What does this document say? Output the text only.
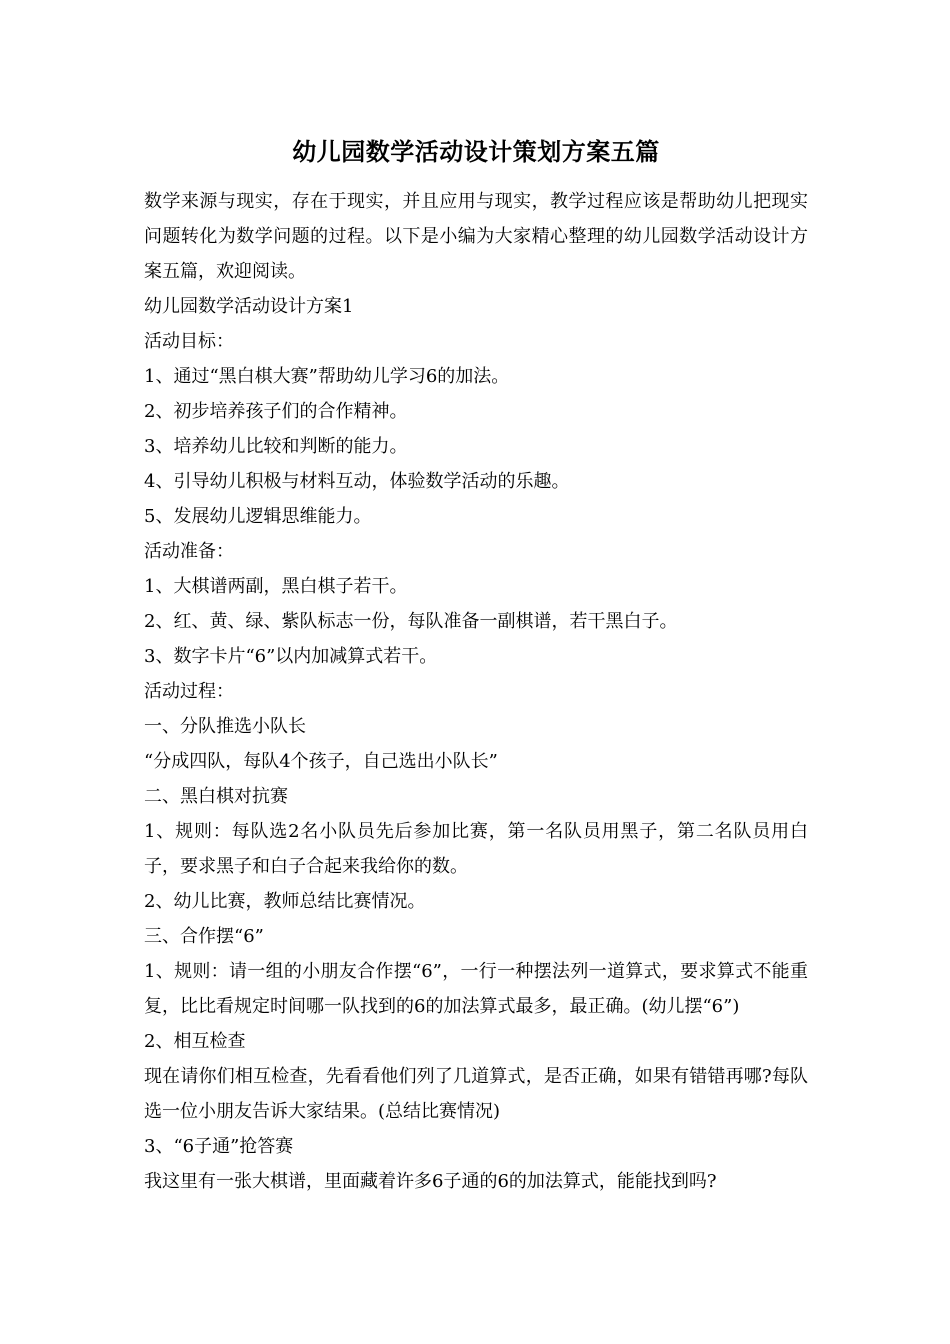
幼儿园数学活动设计策划方案五篇

数学来源与现实，存在于现实，并且应用与现实，教学过程应该是帮助幼儿把现实问题转化为数学问题的过程。以下是小编为大家精心整理的幼儿园数学活动设计方案五篇，欢迎阅读。

幼儿园数学活动设计方案1
活动目标：
1、通过“黑白棋大赛”帮助幼儿学习6的加法。
2、初步培养孩子们的合作精神。
3、培养幼儿比较和判断的能力。
4、引导幼儿积极与材料互动，体验数学活动的乐趣。
5、发展幼儿逻辑思维能力。
活动准备：
1、大棋谱两副，黑白棋子若干。
2、红、黄、绿、紫队标志一份，每队准备一副棋谱，若干黑白子。
3、数字卡片“6”以内加减算式若干。
活动过程：
一、分队推选小队长
“分成四队，每队4个孩子，自己选出小队长”
二、黑白棋对抗赛

1、规则：每队选2名小队员先后参加比赛，第一名队员用黑子，第二名队员用白子，要求黑子和白子合起来我给你的数。

2、幼儿比赛，教师总结比赛情况。
三、合作摆“6”

1、规则：请一组的小朋友合作摆“6”，一行一种摆法列一道算式，要求算式不能重复，比比看规定时间哪一队找到的6的加法算式最多，最正确。(幼儿摆“6”)

2、相互检查

现在请你们相互检查，先看看他们列了几道算式，是否正确，如果有错错再哪?每队选一位小朋友告诉大家结果。(总结比赛情况)

3、“6子通”抢答赛
我这里有一张大棋谱，里面藏着许多6子通的6的加法算式，能能找到吗?
